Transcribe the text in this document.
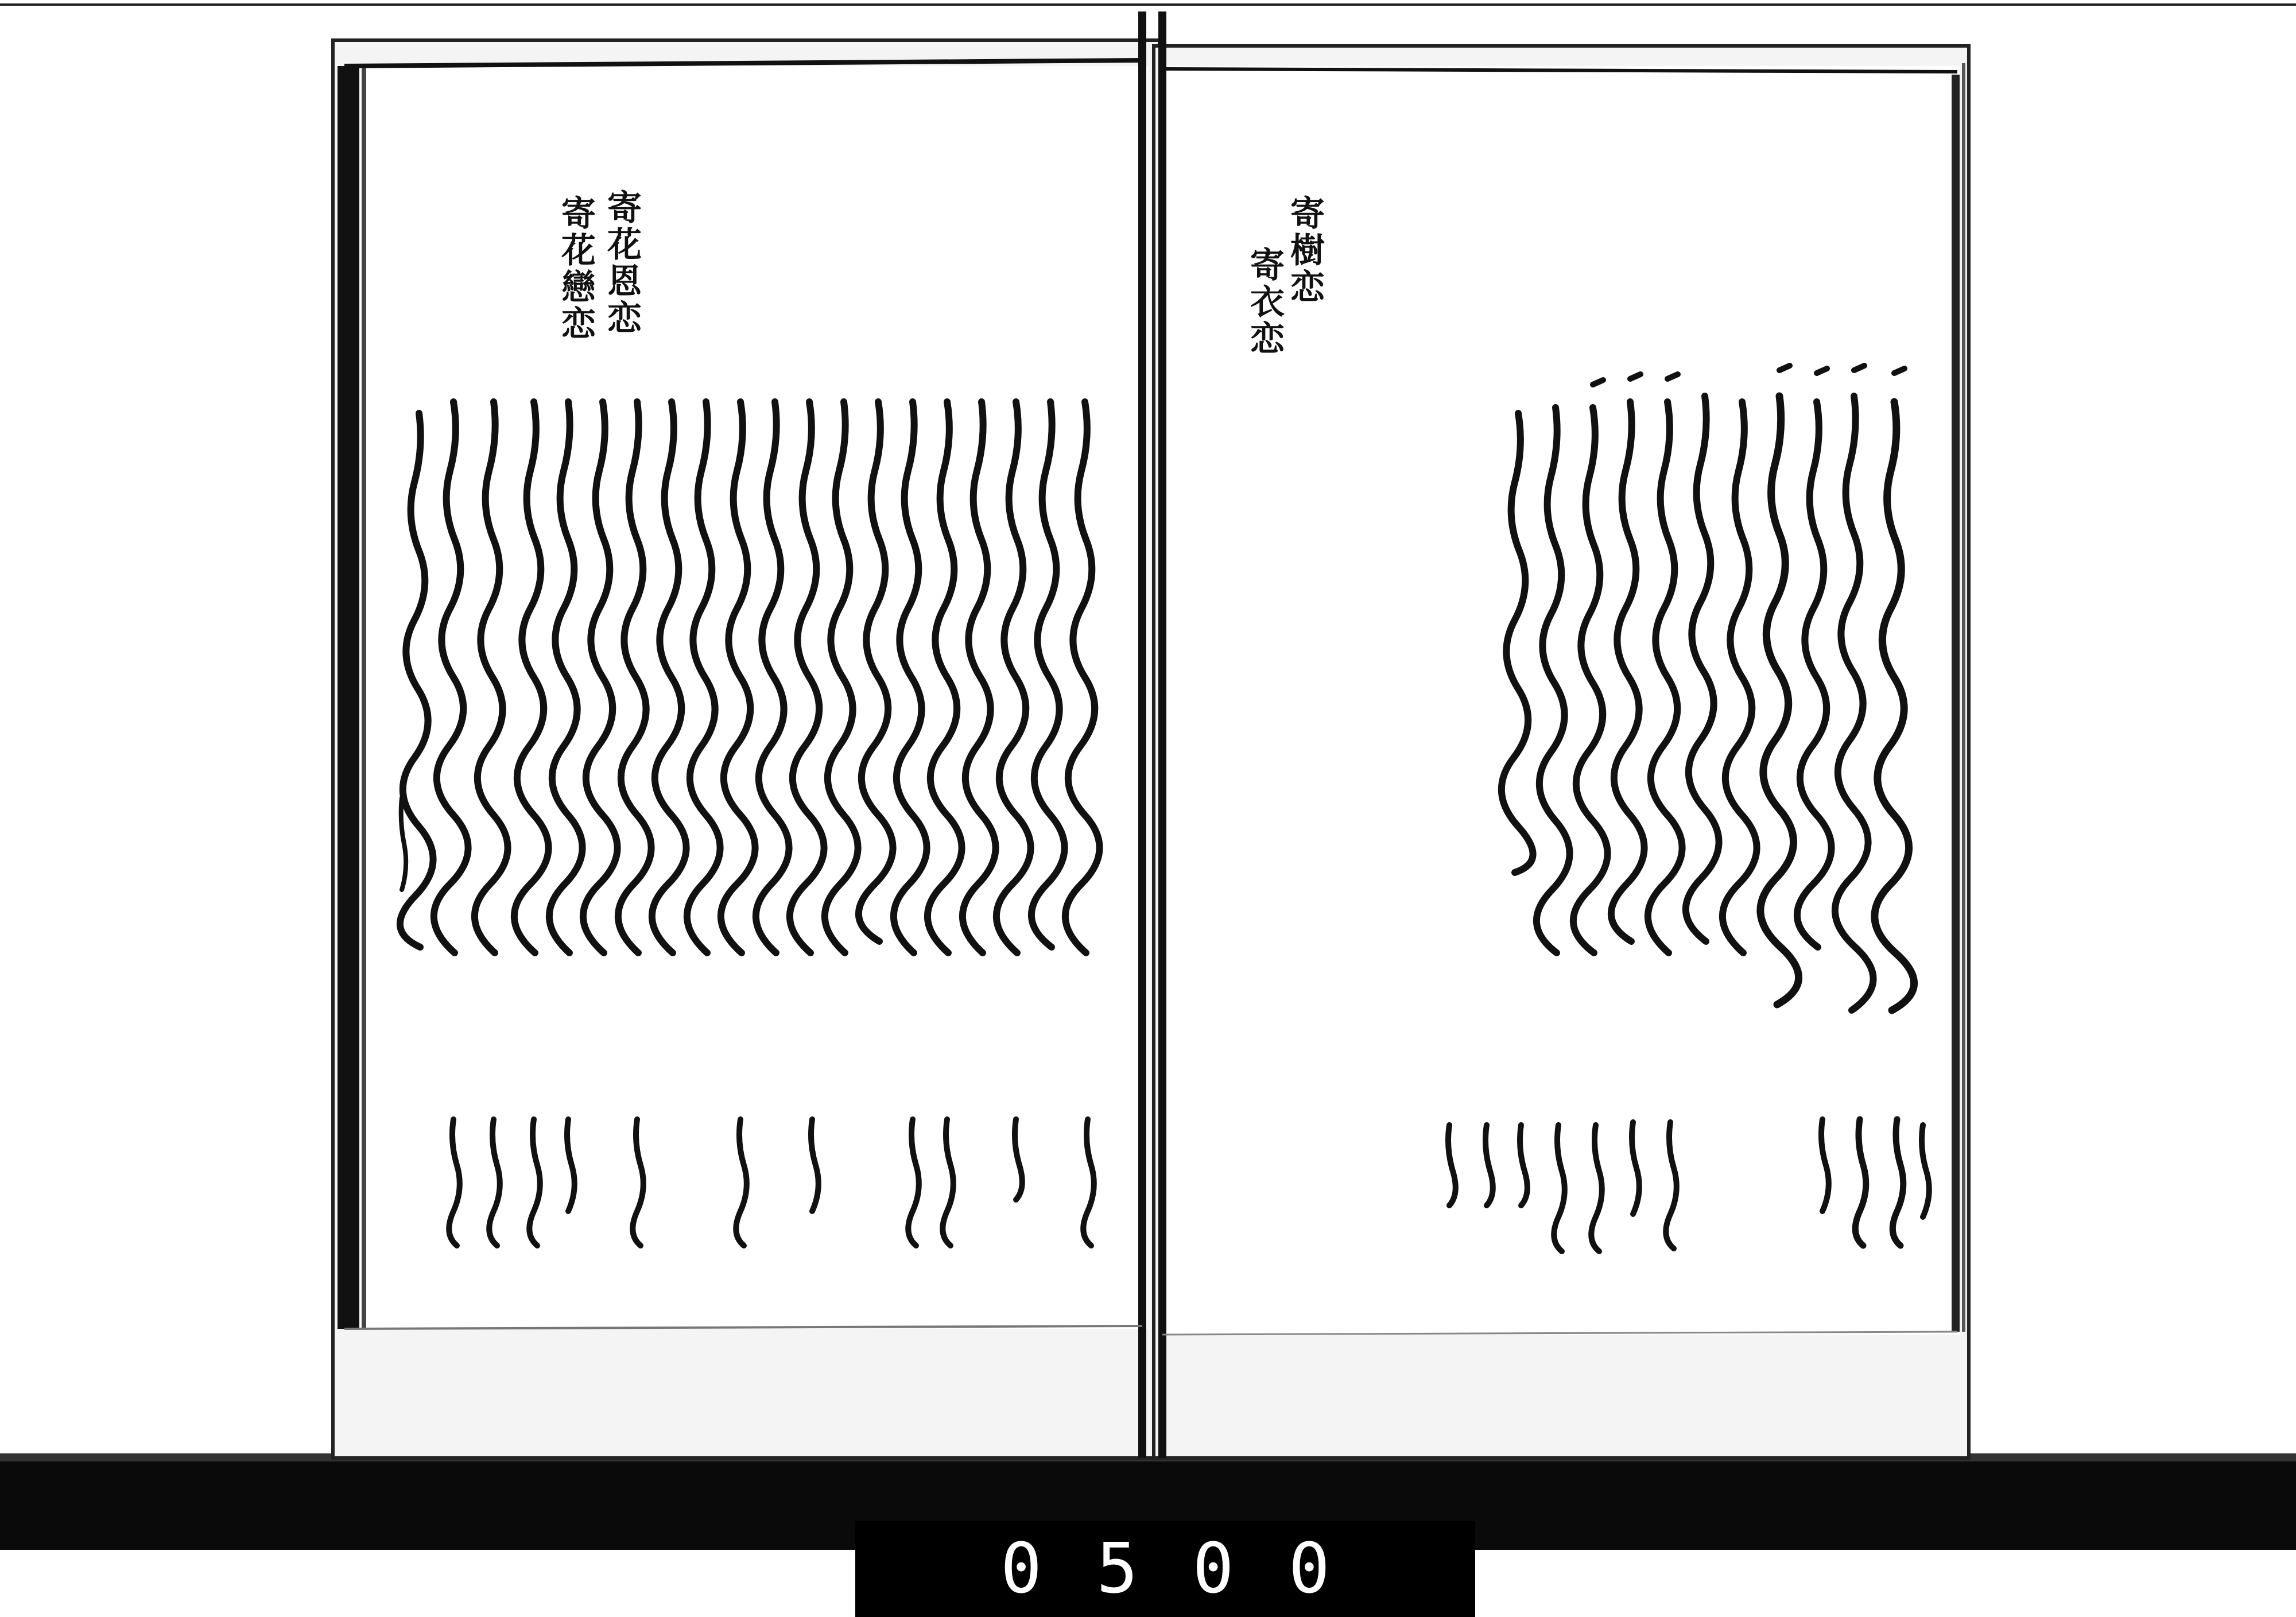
寄樹恋
寄衣恋
寄花恩恋
寄花戀恋
0500
